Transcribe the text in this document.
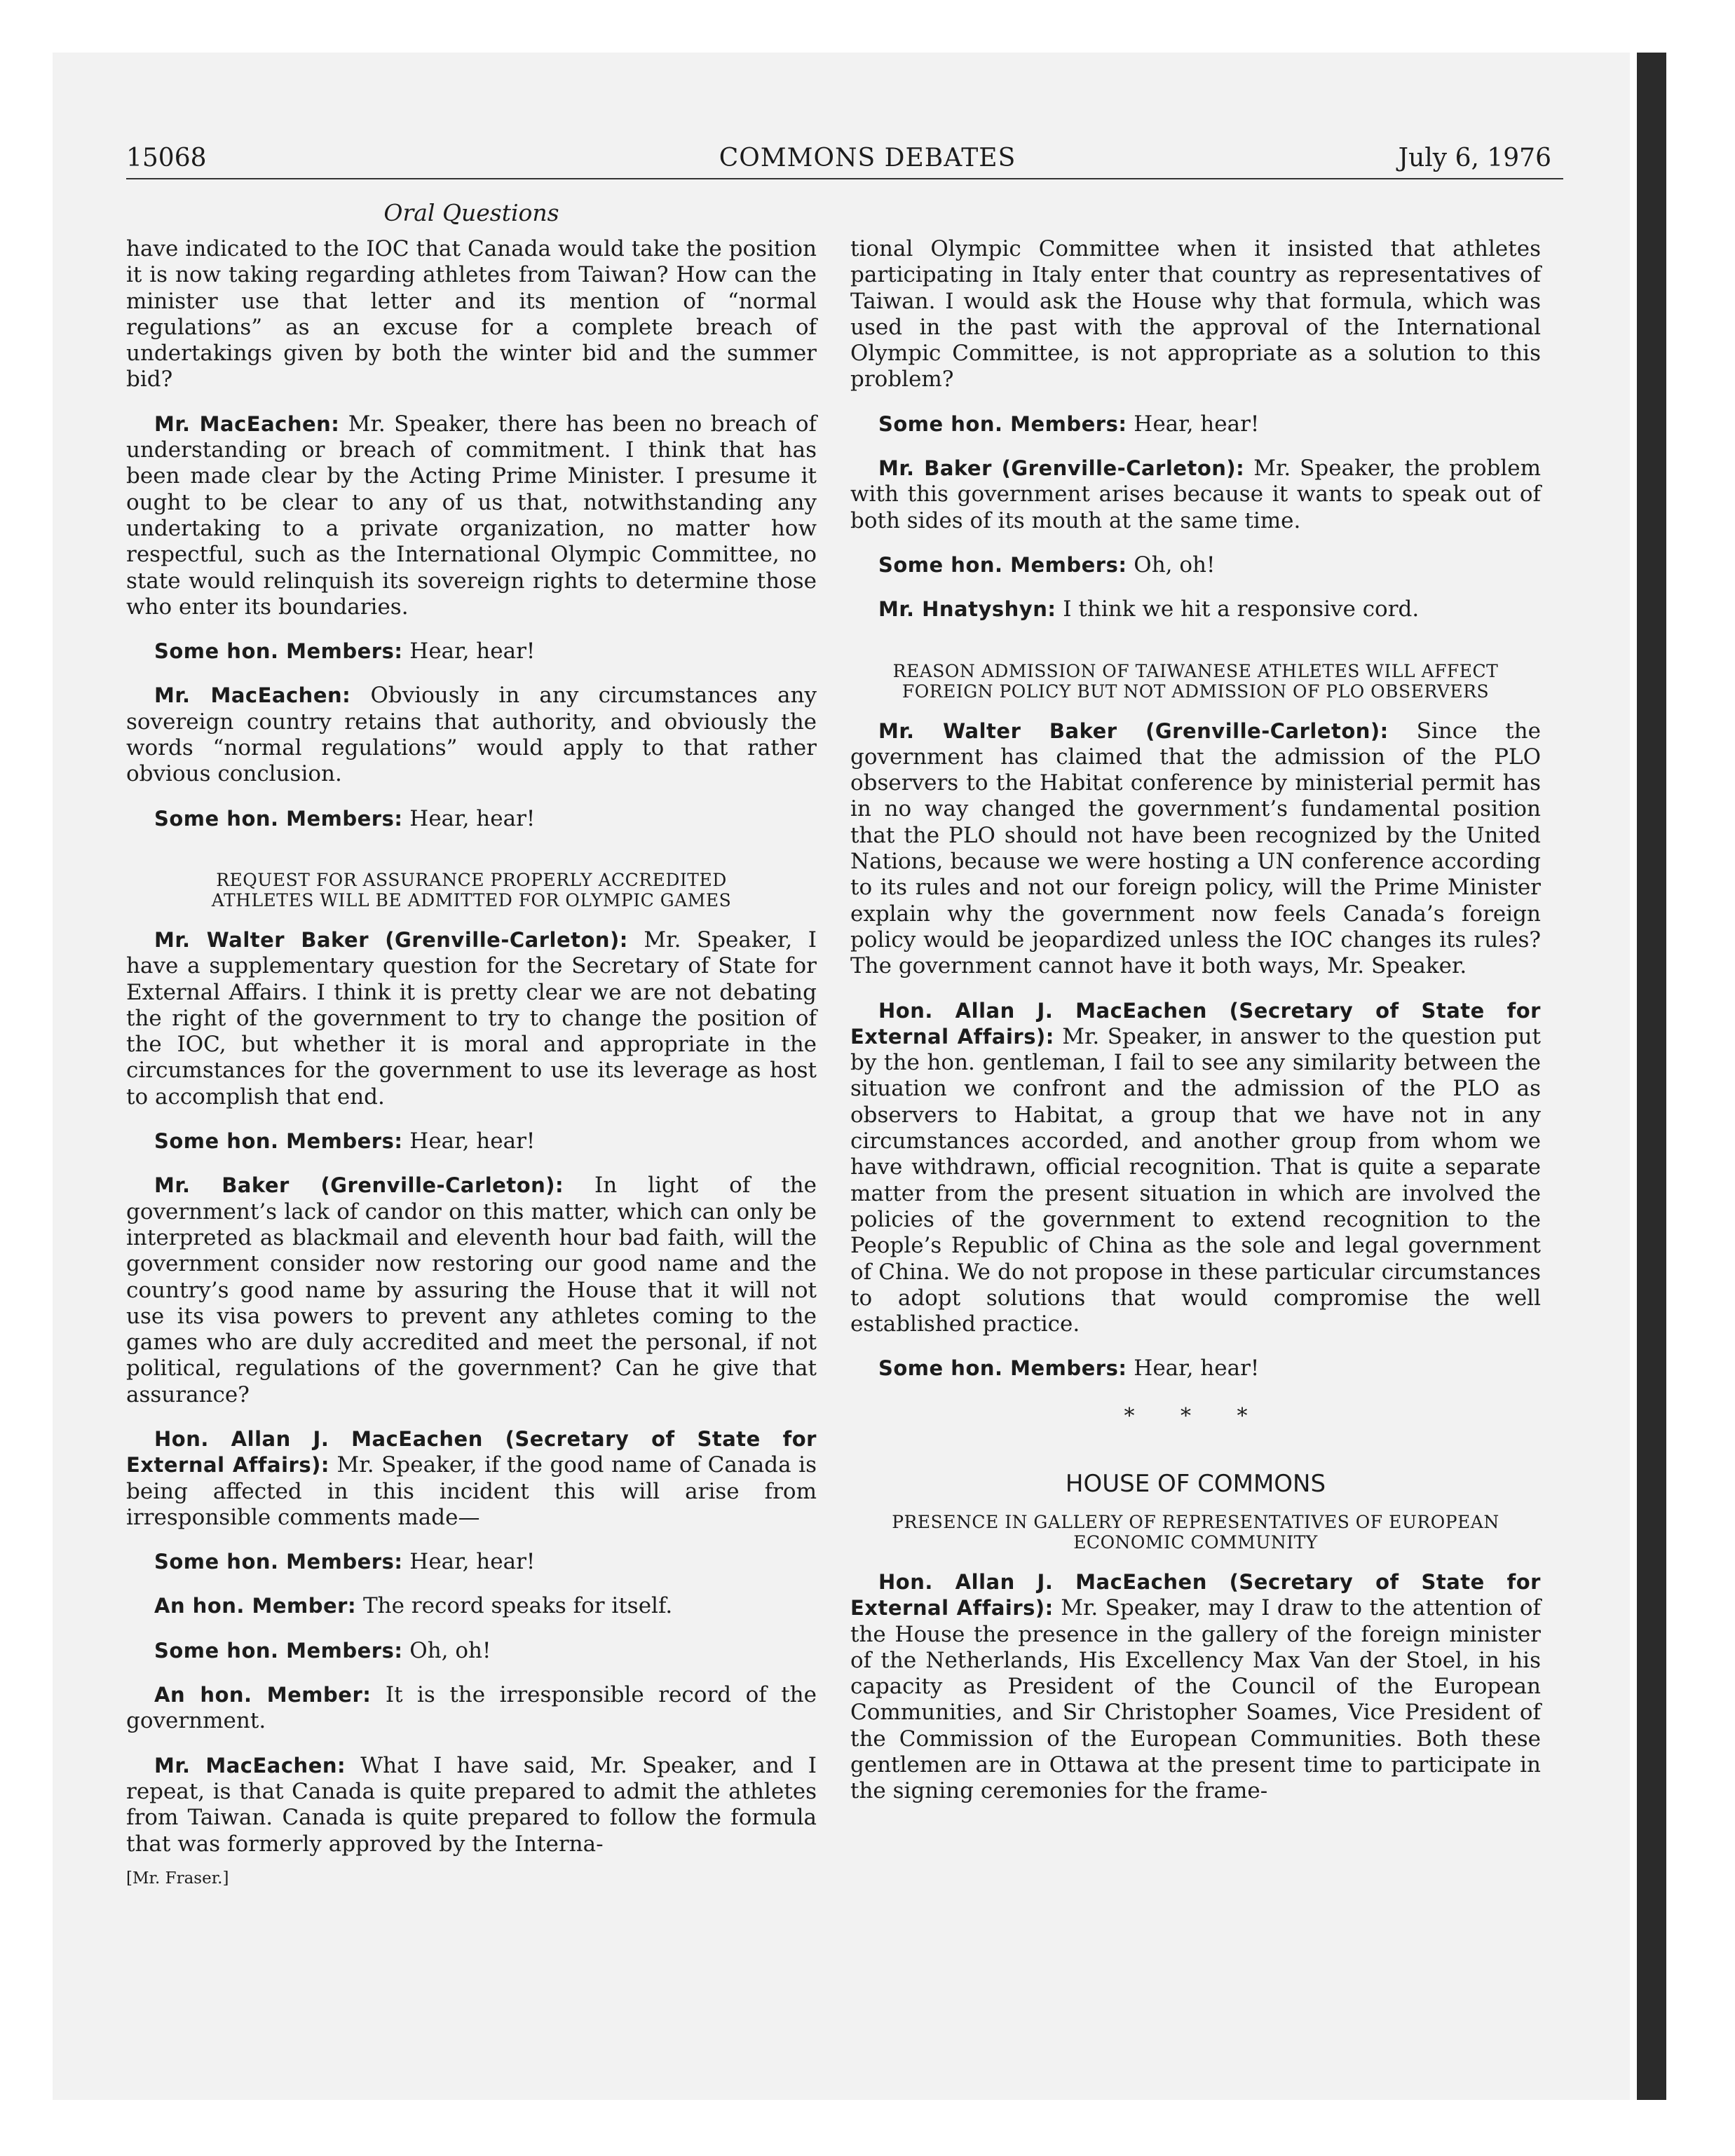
15068	COMMONS DEBATES	July 6, 1976
Oral Questions

have indicated to the IOC that Canada would take the position it is now taking regarding athletes from Taiwan? How can the minister use that letter and its mention of “normal regulations” as an excuse for a complete breach of undertakings given by both the winter bid and the summer bid?

Mr. MacEachen: Mr. Speaker, there has been no breach of understanding or breach of commitment. I think that has been made clear by the Acting Prime Minister. I presume it ought to be clear to any of us that, notwithstanding any undertaking to a private organization, no matter how respectful, such as the International Olympic Committee, no state would relinquish its sovereign rights to determine those who enter its boundaries.

Some hon. Members: Hear, hear!

Mr. MacEachen: Obviously in any circumstances any sovereign country retains that authority, and obviously the words “normal regulations” would apply to that rather obvious conclusion.

Some hon. Members: Hear, hear!

REQUEST FOR ASSURANCE PROPERLY ACCREDITED
ATHLETES WILL BE ADMITTED FOR OLYMPIC GAMES

Mr. Walter Baker (Grenville-Carleton): Mr. Speaker, I have a supplementary question for the Secretary of State for External Affairs. I think it is pretty clear we are not debating the right of the government to try to change the position of the IOC, but whether it is moral and appropriate in the circumstances for the government to use its leverage as host to accomplish that end.

Some hon. Members: Hear, hear!

Mr. Baker (Grenville-Carleton): In light of the government’s lack of candor on this matter, which can only be interpreted as blackmail and eleventh hour bad faith, will the government consider now restoring our good name and the country’s good name by assuring the House that it will not use its visa powers to prevent any athletes coming to the games who are duly accredited and meet the personal, if not political, regulations of the government? Can he give that assurance?

Hon. Allan J. MacEachen (Secretary of State for External Affairs): Mr. Speaker, if the good name of Canada is being affected in this incident this will arise from irresponsible comments made—

Some hon. Members: Hear, hear!

An hon. Member: The record speaks for itself.

Some hon. Members: Oh, oh!

An hon. Member: It is the irresponsible record of the government.

Mr. MacEachen: What I have said, Mr. Speaker, and I repeat, is that Canada is quite prepared to admit the athletes from Taiwan. Canada is quite prepared to follow the formula that was formerly approved by the Interna-

[Mr. Fraser.]

tional Olympic Committee when it insisted that athletes participating in Italy enter that country as representatives of Taiwan. I would ask the House why that formula, which was used in the past with the approval of the International Olympic Committee, is not appropriate as a solution to this problem?

Some hon. Members: Hear, hear!

Mr. Baker (Grenville-Carleton): Mr. Speaker, the problem with this government arises because it wants to speak out of both sides of its mouth at the same time.

Some hon. Members: Oh, oh!

Mr. Hnatyshyn: I think we hit a responsive cord.

REASON ADMISSION OF TAIWANESE ATHLETES WILL AFFECT
FOREIGN POLICY BUT NOT ADMISSION OF PLO OBSERVERS

Mr. Walter Baker (Grenville-Carleton): Since the government has claimed that the admission of the PLO observers to the Habitat conference by ministerial permit has in no way changed the government’s fundamental position that the PLO should not have been recognized by the United Nations, because we were hosting a UN conference according to its rules and not our foreign policy, will the Prime Minister explain why the government now feels Canada’s foreign policy would be jeopardized unless the IOC changes its rules? The government cannot have it both ways, Mr. Speaker.

Hon. Allan J. MacEachen (Secretary of State for External Affairs): Mr. Speaker, in answer to the question put by the hon. gentleman, I fail to see any similarity between the situation we confront and the admission of the PLO as observers to Habitat, a group that we have not in any circumstances accorded, and another group from whom we have withdrawn, official recognition. That is quite a separate matter from the present situation in which are involved the policies of the government to extend recognition to the People’s Republic of China as the sole and legal government of China. We do not propose in these particular circumstances to adopt solutions that would compromise the well established practice.

Some hon. Members: Hear, hear!

* * *
HOUSE OF COMMONS
PRESENCE IN GALLERY OF REPRESENTATIVES OF EUROPEAN
ECONOMIC COMMUNITY

Hon. Allan J. MacEachen (Secretary of State for External Affairs): Mr. Speaker, may I draw to the attention of the House the presence in the gallery of the foreign minister of the Netherlands, His Excellency Max Van der Stoel, in his capacity as President of the Council of the European Communities, and Sir Christopher Soames, Vice President of the Commission of the European Communities. Both these gentlemen are in Ottawa at the present time to participate in the signing ceremonies for the frame-
